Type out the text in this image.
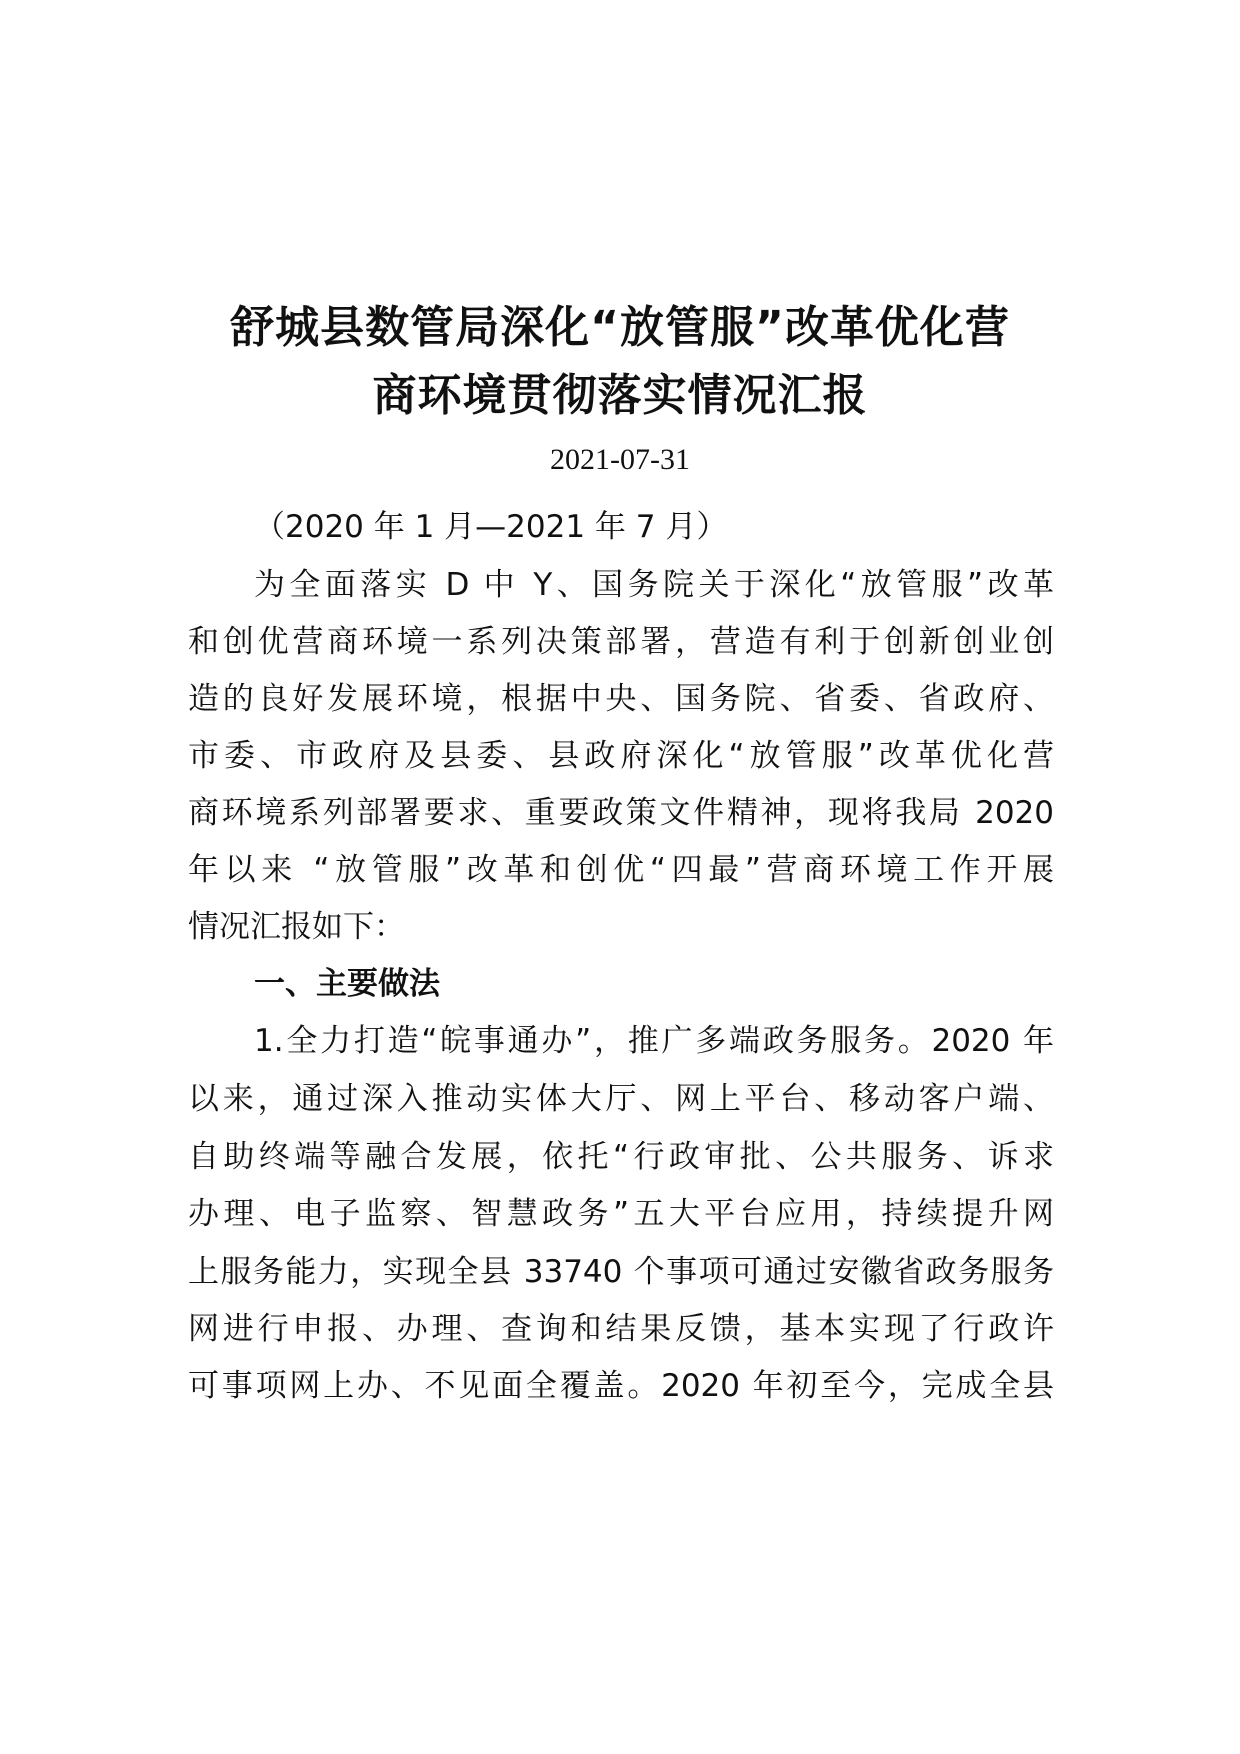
舒城县数管局深化“放管服”改革优化营
商环境贯彻落实情况汇报
2021-07-31
（2020 年 1 月—2021 年 7 月）
为全面落实 D 中 Y、国务院关于深化“放管服”改革
和创优营商环境一系列决策部署，营造有利于创新创业创
造的良好发展环境，根据中央、国务院、省委、省政府、
市委、市政府及县委、县政府深化“放管服”改革优化营
商环境系列部署要求、重要政策文件精神，现将我局 2020
年以来 “放管服”改革和创优“四最”营商环境工作开展
情况汇报如下：
一、主要做法
1.全力打造“皖事通办”，推广多端政务服务。2020 年
以来，通过深入推动实体大厅、网上平台、移动客户端、
自助终端等融合发展，依托“行政审批、公共服务、诉求
办理、电子监察、智慧政务”五大平台应用，持续提升网
上服务能力，实现全县 33740 个事项可通过安徽省政务服务
网进行申报、办理、查询和结果反馈，基本实现了行政许
可事项网上办、不见面全覆盖。2020 年初至今，完成全县
